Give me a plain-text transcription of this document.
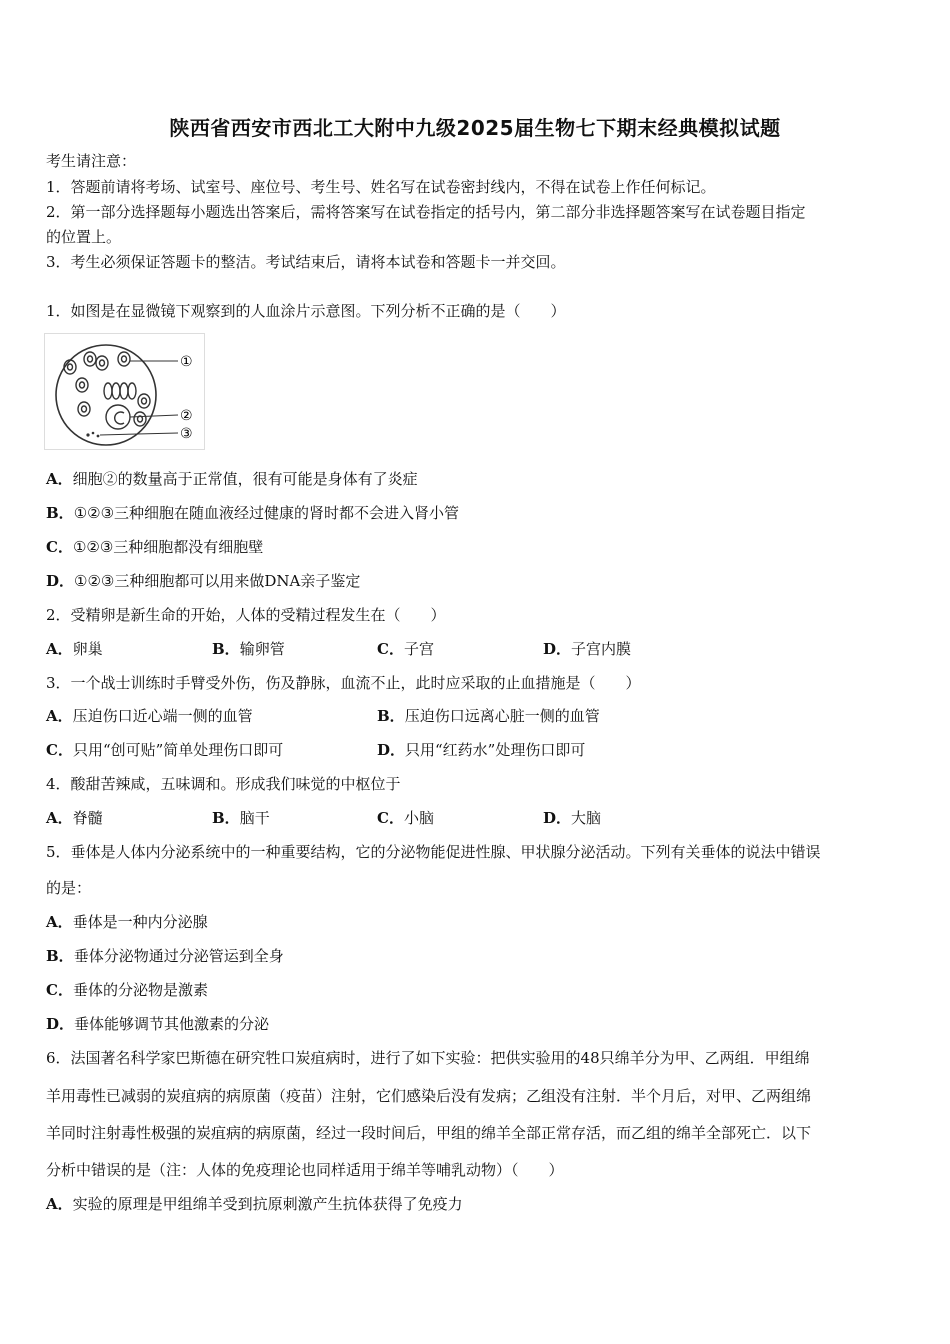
陕西省西安市西北工大附中九级2025届生物七下期末经典模拟试题
考生请注意：
1．答题前请将考场、试室号、座位号、考生号、姓名写在试卷密封线内，不得在试卷上作任何标记。
2．第一部分选择题每小题选出答案后，需将答案写在试卷指定的括号内，第二部分非选择题答案写在试卷题目指定
的位置上。
3．考生必须保证答题卡的整洁。考试结束后，请将本试卷和答题卡一并交回。
1．如图是在显微镜下观察到的人血涂片示意图。下列分析不正确的是（　　）
①
②
③
A．细胞②的数量高于正常值，很有可能是身体有了炎症
B．①②③三种细胞在随血液经过健康的肾时都不会进入肾小管
C．①②③三种细胞都没有细胞壁
D．①②③三种细胞都可以用来做DNA亲子鉴定
2．受精卵是新生命的开始，人体的受精过程发生在（　　）
A．卵巢	B．输卵管	C．子宫	D．子宫内膜
3．一个战士训练时手臂受外伤，伤及静脉，血流不止，此时应采取的止血措施是（　　）
A．压迫伤口近心端一侧的血管	B．压迫伤口远离心脏一侧的血管
C．只用“创可贴”简单处理伤口即可	D．只用“红药水”处理伤口即可
4．酸甜苦辣咸，五味调和。形成我们味觉的中枢位于
A．脊髓	B．脑干	C．小脑	D．大脑
5．垂体是人体内分泌系统中的一种重要结构，它的分泌物能促进性腺、甲状腺分泌活动。下列有关垂体的说法中错误
的是：
A．垂体是一种内分泌腺
B．垂体分泌物通过分泌管运到全身
C．垂体的分泌物是激素
D．垂体能够调节其他激素的分泌
6．法国著名科学家巴斯德在研究牲口炭疽病时，进行了如下实验：把供实验用的48只绵羊分为甲、乙两组．甲组绵
羊用毒性已减弱的炭疽病的病原菌（疫苗）注射，它们感染后没有发病；乙组没有注射．半个月后，对甲、乙两组绵
羊同时注射毒性极强的炭疽病的病原菌，经过一段时间后，甲组的绵羊全部正常存活，而乙组的绵羊全部死亡．以下
分析中错误的是（注：人体的免疫理论也同样适用于绵羊等哺乳动物）（　　）
A．实验的原理是甲组绵羊受到抗原刺激产生抗体获得了免疫力
